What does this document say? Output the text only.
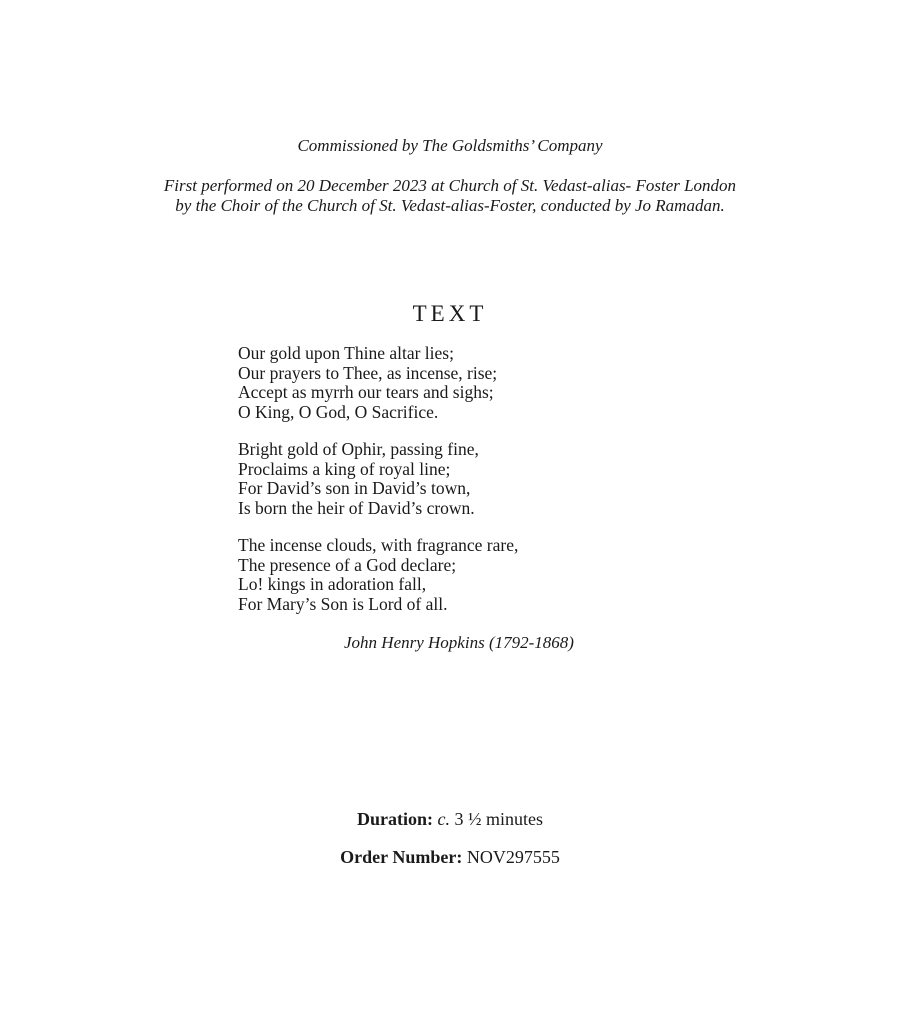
Commissioned by The Goldsmiths’ Company
First performed on 20 December 2023 at Church of St. Vedast-alias- Foster London
by the Choir of the Church of St. Vedast-alias-Foster, conducted by Jo Ramadan.
TEXT
Our gold upon Thine altar lies;
Our prayers to Thee, as incense, rise;
Accept as myrrh our tears and sighs;
O King, O God, O Sacrifice.
Bright gold of Ophir, passing fine,
Proclaims a king of royal line;
For David’s son in David’s town,
Is born the heir of David’s crown.
The incense clouds, with fragrance rare,
The presence of a God declare;
Lo! kings in adoration fall,
For Mary’s Son is Lord of all.
John Henry Hopkins (1792-1868)
Duration: c. 3 ½ minutes
Order Number: NOV297555
